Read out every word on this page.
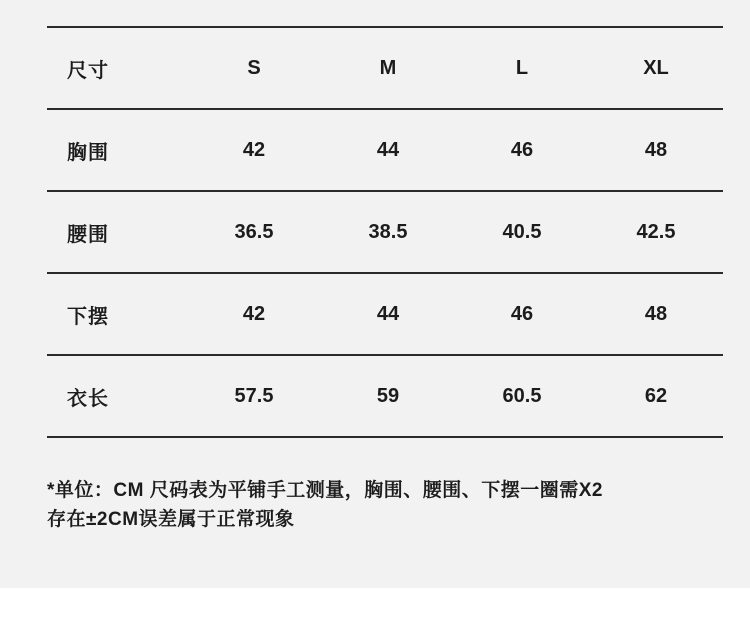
尺寸	S	M	L	XL
胸围	42	44	46	48
腰围	36.5	38.5	40.5	42.5
下摆	42	44	46	48
衣长	57.5	59	60.5	62
*单位：CM 尺码表为平铺手工测量，胸围、腰围、下摆一圈需X2
存在±2CM误差属于正常现象
